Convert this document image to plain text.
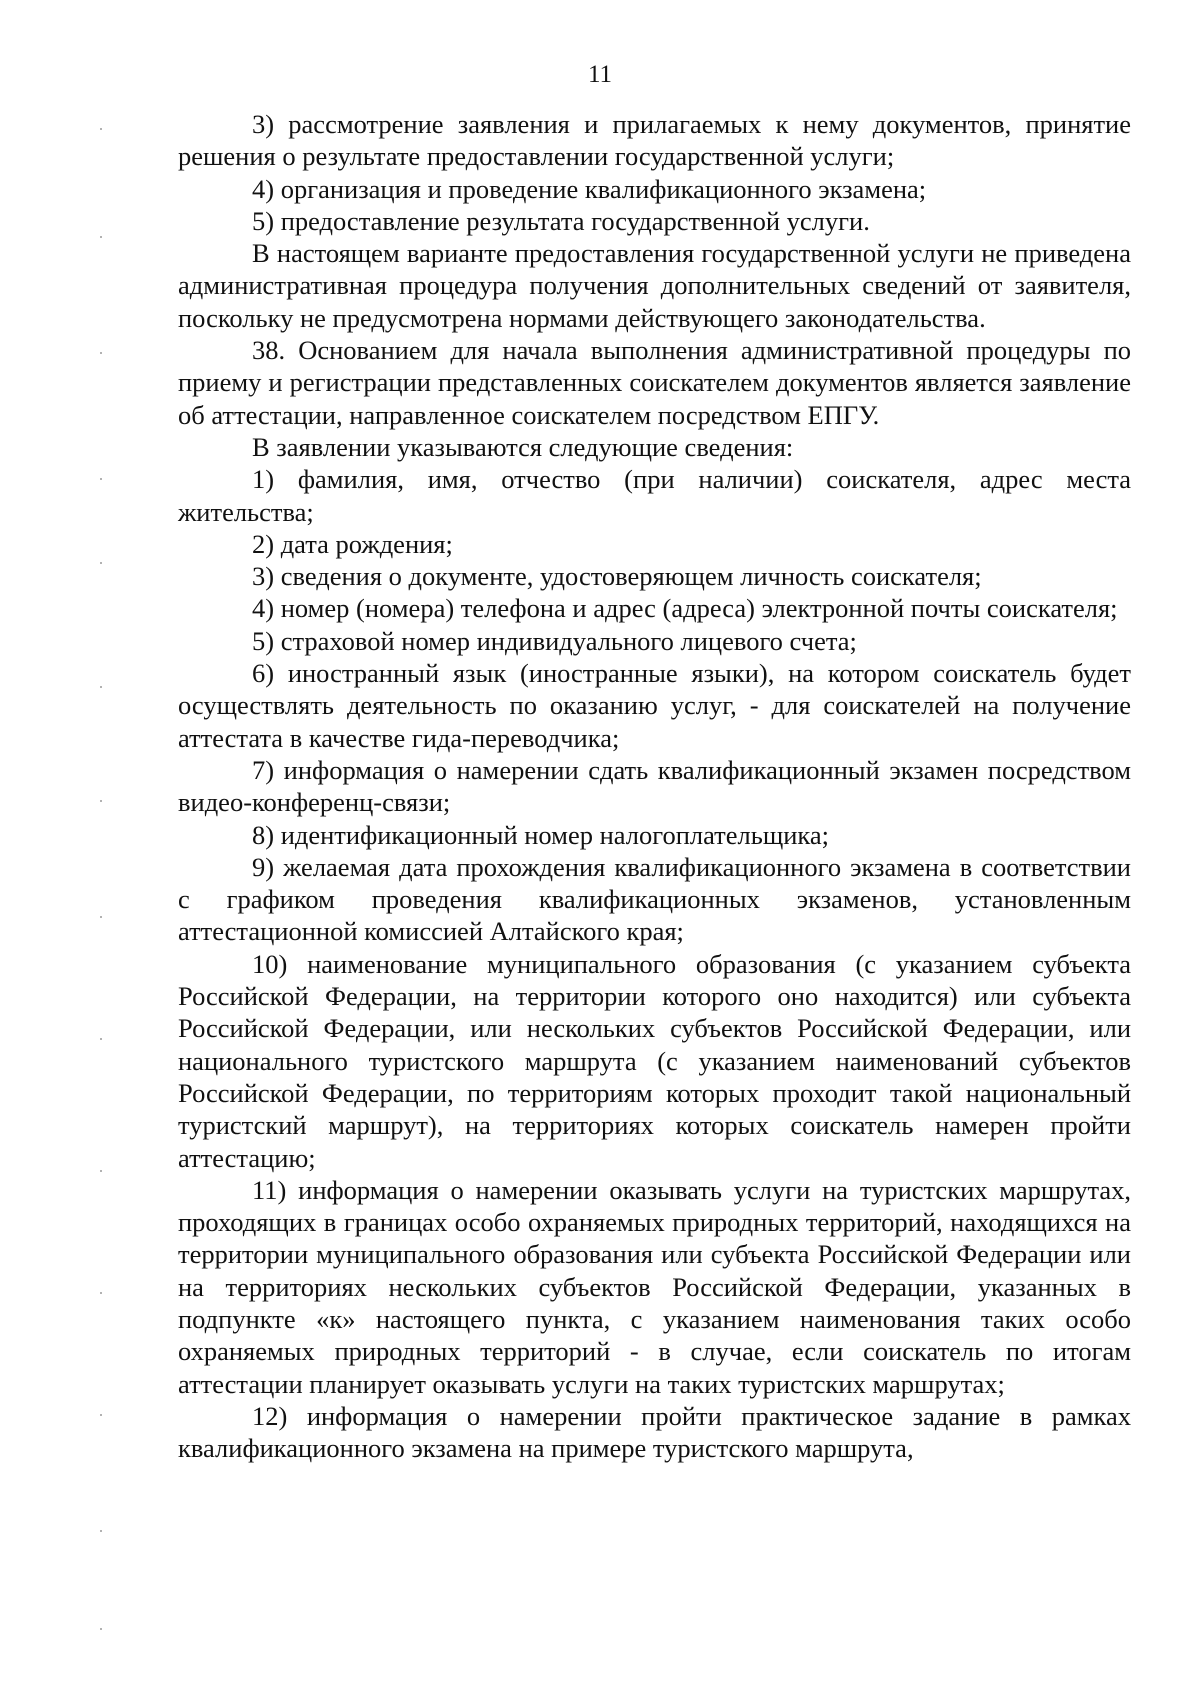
11

3) рассмотрение заявления и прилагаемых к нему документов, принятие решения о результате предоставлении государственной услуги;

4) организация и проведение квалификационного экзамена;

5) предоставление результата государственной услуги.

В настоящем варианте предоставления государственной услуги не приведена административная процедура получения дополнительных сведений от заявителя, поскольку не предусмотрена нормами действующего законодательства.

38. Основанием для начала выполнения административной процедуры по приему и регистрации представленных соискателем документов является заявление об аттестации, направленное соискателем посредством ЕПГУ.

В заявлении указываются следующие сведения:

1) фамилия, имя, отчество (при наличии) соискателя, адрес места жительства;

2) дата рождения;

3) сведения о документе, удостоверяющем личность соискателя;

4) номер (номера) телефона и адрес (адреса) электронной почты соискателя;

5) страховой номер индивидуального лицевого счета;

6) иностранный язык (иностранные языки), на котором соискатель будет осуществлять деятельность по оказанию услуг, - для соискателей на получение аттестата в качестве гида-переводчика;

7) информация о намерении сдать квалификационный экзамен посредством видео-конференц-связи;

8) идентификационный номер налогоплательщика;

9) желаемая дата прохождения квалификационного экзамена в соответствии с графиком проведения квалификационных экзаменов, установленным аттестационной комиссией Алтайского края;

10) наименование муниципального образования (с указанием субъекта Российской Федерации, на территории которого оно находится) или субъекта Российской Федерации, или нескольких субъектов Российской Федерации, или национального туристского маршрута (с указанием наименований субъектов Российской Федерации, по территориям которых проходит такой национальный туристский маршрут), на территориях которых соискатель намерен пройти аттестацию;

11) информация о намерении оказывать услуги на туристских маршрутах, проходящих в границах особо охраняемых природных территорий, находящихся на территории муниципального образования или субъекта Российской Федерации или на территориях нескольких субъектов Российской Федерации, указанных в подпункте «к» настоящего пункта, с указанием наименования таких особо охраняемых природных территорий - в случае, если соискатель по итогам аттестации планирует оказывать услуги на таких туристских маршрутах;

12) информация о намерении пройти практическое задание в рамках квалификационного экзамена на примере туристского маршрута,
